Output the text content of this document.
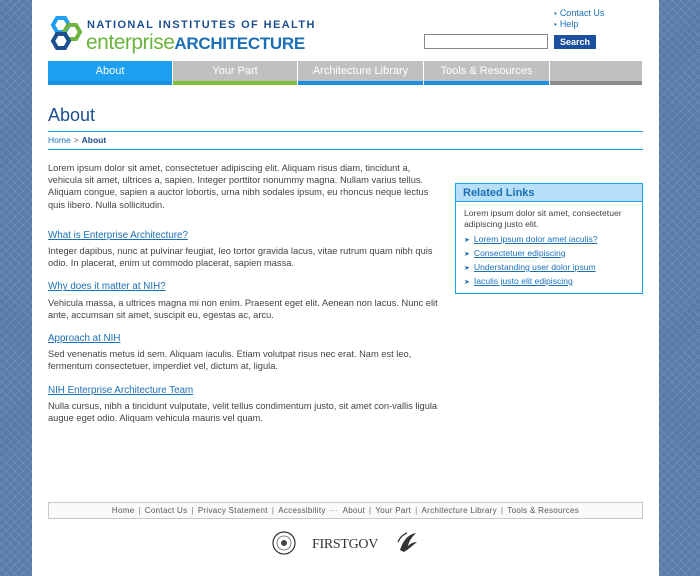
NATIONAL INSTITUTES OF HEALTH
enterpriseARCHITECTURE
• Contact Us
• Help
Search
About	Your Part	Architecture Library	Tools & Resources
About
Home > About

Lorem ipsum dolor sit amet, consectetuer adipiscing elit. Aliquam risus diam, tincidunt a, vehicula sit amet, ultrices a, sapien. Integer porttitor nonummy magna. Nullam varius tellus. Aliquam congue, sapien a auctor lobortis, urna nibh sodales ipsum, eu rhoncus neque lectus quis libero. Nulla sollicitudin.

What is Enterprise Architecture?

Integer dapibus, nunc at pulvinar feugiat, leo tortor gravida lacus, vitae rutrum quam nibh quis odio. In placerat, enim ut commodo placerat, sapien massa.

Why does it matter at NIH?

Vehicula massa, a ultrices magna mi non enim. Praesent eget elit. Aenean non lacus. Nunc elit ante, accumsan sit amet, suscipit eu, egestas ac, arcu.

Approach at NIH

Sed venenatis metus id sem. Aliquam iaculis. Etiam volutpat risus nec erat. Nam est leo, fermentum consectetuer, imperdiet vel, dictum at, ligula.

NIH Enterprise Architecture Team

Nulla cursus, nibh a tincidunt vulputate, velit tellus condimentum justo, sit amet con-vallis ligula augue eget odio. Aliquam vehicula mauris vel quam.

Related Links
Lorem ipsum dolor sit amet, consectetuer adipiscing justo elit.
➤ Lorem ipsum dolor amet iaculis?
➤ Consectetuer edipiscing
➤ Understanding user dolor ipsum
➤ Iaculis justo elit edipiscing
Home | Contact Us | Privacy Statement | Accessibility ··· About | Your Part | Architecture Library | Tools & Resources
FIRSTGOV
